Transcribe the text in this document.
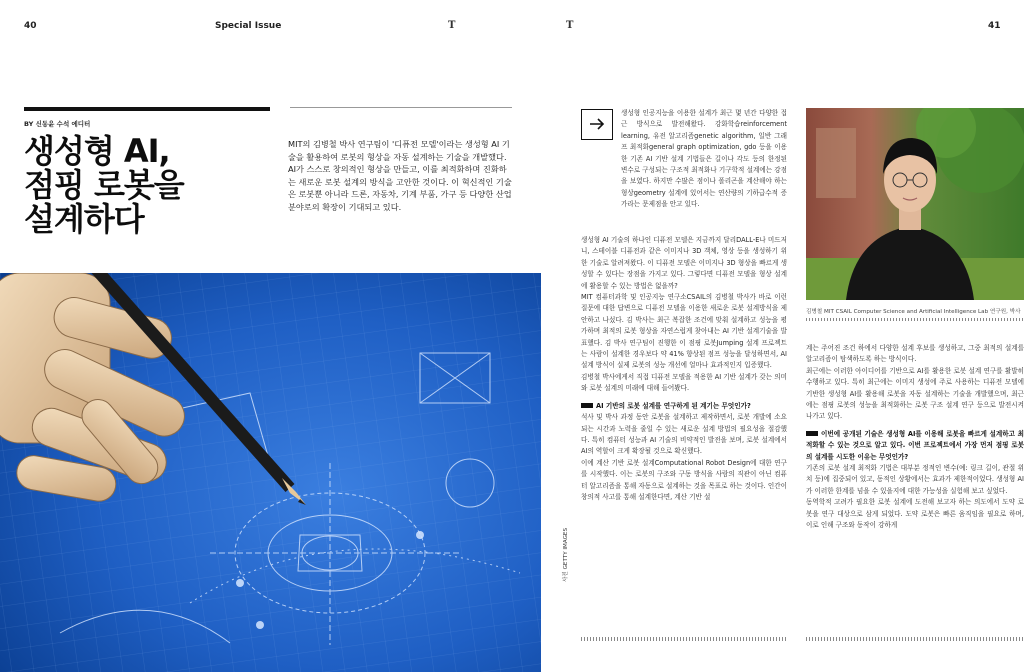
40	Special Issue	T	T	41
BY 신동윤 수석 에디터
생성형 AI,
점핑 로봇을
설계하다
MIT의 김병철 박사 연구팀이 '디퓨전 모델'이라는 생성형 AI 기술을 활용하여 로봇의 형상을 자동 설계하는 기술을 개발했다. AI가 스스로 창의적인 형상을 만들고, 이를 최적화하며 진화하는 새로운 로봇 설계의 방식을 고안한 것이다. 이 혁신적인 기술은 로봇뿐 아니라 드론, 자동차, 기계 부품, 가구 등 다양한 산업 분야로의 확장이 기대되고 있다.

생성형 인공지능을 이용한 설계가 최근 몇 년간 다양한 접근 방식으로 발전해왔다. 강화학습reinforcement learning, 유전 알고리즘genetic algorithm, 일반 그래프 최적화general graph optimization, gdo 등을 이용한 기존 AI 기반 설계 기법들은 길이나 각도 등의 한정된 변수로 구성되는 구조적 최적화나 기구학적 설계에는 강점을 보였다. 하지만 수많은 점이나 폴리곤을 계산해야 하는 형상geometry 설계에 있어서는 연산량의 기하급수적 증가라는 문제점을 안고 있다.

생성형 AI 기술의 하나인 디퓨전 모델은 지금까지 달리DALL-E나 미드저니, 스테이블 디퓨전과 같은 이미지나 3D 객체, 영상 등을 생성하기 위한 기술로 알려져왔다. 이 디퓨전 모델은 이미지나 3D 형상을 빠르게 생성할 수 있다는 장점을 가지고 있다. 그렇다면 디퓨전 모델을 형상 설계에 활용할 수 있는 방법은 없을까?

MIT 컴퓨터과학 및 인공지능 연구소CSAIL의 김병철 박사가 바로 이런 질문에 대한 답변으로 디퓨전 모델을 이용한 새로운 로봇 설계방식을 제안하고 나섰다. 김 박사는 최근 복잡한 조건에 맞춰 설계하고 성능을 평가하며 최적의 로봇 형상을 자연스럽게 찾아내는 AI 기반 설계기술을 발표했다. 김 박사 연구팀이 진행한 이 점핑 로봇Jumping 설계 프로젝트는 사람이 설계한 경우보다 약 41% 향상된 점프 성능을 달성하면서, AI 설계 방식이 실제 로봇의 성능 개선에 얼마나 효과적인지 입증했다.

김병철 박사에게서 직접 디퓨전 모델을 적용한 AI 기반 설계가 갖는 의미와 로봇 설계의 미래에 대해 들어봤다.

AI 기반의 로봇 설계를 연구하게 된 계기는 무엇인가?

석사 및 박사 과정 동안 로봇을 설계하고 제작하면서, 로봇 개발에 소요되는 시간과 노력을 줄일 수 있는 새로운 설계 방법의 필요성을 절감했다. 특히 컴퓨터 성능과 AI 기술의 비약적인 발전을 보며, 로봇 설계에서 AI의 역할이 크게 확장될 것으로 확신했다.

이에 계산 기반 로봇 설계Computational Robot Design에 대한 연구를 시작했다. 이는 로봇의 구조와 구동 방식을 사람의 직관이 아닌 컴퓨터 알고리즘을 통해 자동으로 설계하는 것을 목표로 하는 것이다. 인간이 창의적 사고를 통해 설계한다면, 계산 기반 설

사진 GETTY IMAGES
김병철 MIT CSAIL Computer Science and Artificial Intelligence Lab 연구원, 박사

계는 주어진 조건 하에서 다양한 설계 후보를 생성하고, 그중 최적의 설계를 알고리즘이 탐색하도록 하는 방식이다.

최근에는 이러한 아이디어를 기반으로 AI를 활용한 로봇 설계 연구를 활발히 수행하고 있다. 특히 최근에는 이미지 생성에 주로 사용하는 디퓨전 모델에 기반한 생성형 AI를 활용해 로봇을 자동 설계하는 기술을 개발했으며, 최근에는 점핑 로봇의 성능을 최적화하는 로봇 구조 설계 연구 등으로 발전시켜 나가고 있다.

이번에 공개된 기술은 생성형 AI를 이용해 로봇을 빠르게 설계하고 최적화할 수 있는 것으로 알고 있다. 이번 프로젝트에서 가장 먼저 점핑 로봇의 설계를 시도한 이유는 무엇인가?

기존의 로봇 설계 최적화 기법은 대부분 정적인 변수(예: 링크 길이, 관절 위치 등)에 집중되어 있고, 동적인 상황에서는 효과가 제한적이었다. 생성형 AI가 이러한 한계를 넘을 수 있을지에 대한 가능성을 실험해 보고 싶었다.

동역학적 고려가 필요한 로봇 설계에 도전해 보고자 하는 의도에서 도약 로봇을 연구 대상으로 삼게 되었다. 도약 로봇은 빠른 움직임을 필요로 하며, 이로 인해 구조와 동작이 강하게
